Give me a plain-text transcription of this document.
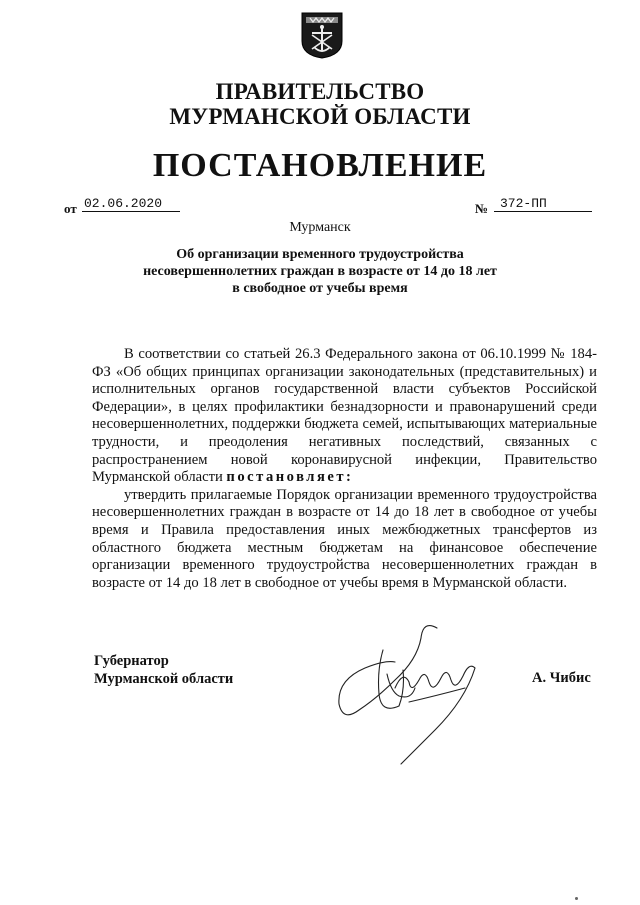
ПРАВИТЕЛЬСТВО
МУРМАНСКОЙ ОБЛАСТИ
ПОСТАНОВЛЕНИЕ
от 02.06.2020	№ 372-ПП
Мурманск
Об организации временного трудоустройства
несовершеннолетних граждан в возрасте от 14 до 18 лет
в свободное от учебы время

В соответствии со статьей 26.3 Федерального закона от 06.10.1999 № 184-ФЗ «Об общих принципах организации законодательных (представительных) и исполнительных органов государственной власти субъектов Российской Федерации», в целях профилактики безнадзорности и правонарушений среди несовершеннолетних, поддержки бюджета семей, испытывающих материальные трудности, и преодоления негативных последствий, связанных с распространением новой коронавирусной инфекции, Правительство Мурманской области постановляет:

утвердить прилагаемые Порядок организации временного трудоустройства несовершеннолетних граждан в возрасте от 14 до 18 лет в свободное от учебы время и Правила предоставления иных межбюджетных трансфертов из областного бюджета местным бюджетам на финансовое обеспечение организации временного трудоустройства несовершеннолетних граждан в возрасте от 14 до 18 лет в свободное от учебы время в Мурманской области.

Губернатор
Мурманской области	А. Чибис
